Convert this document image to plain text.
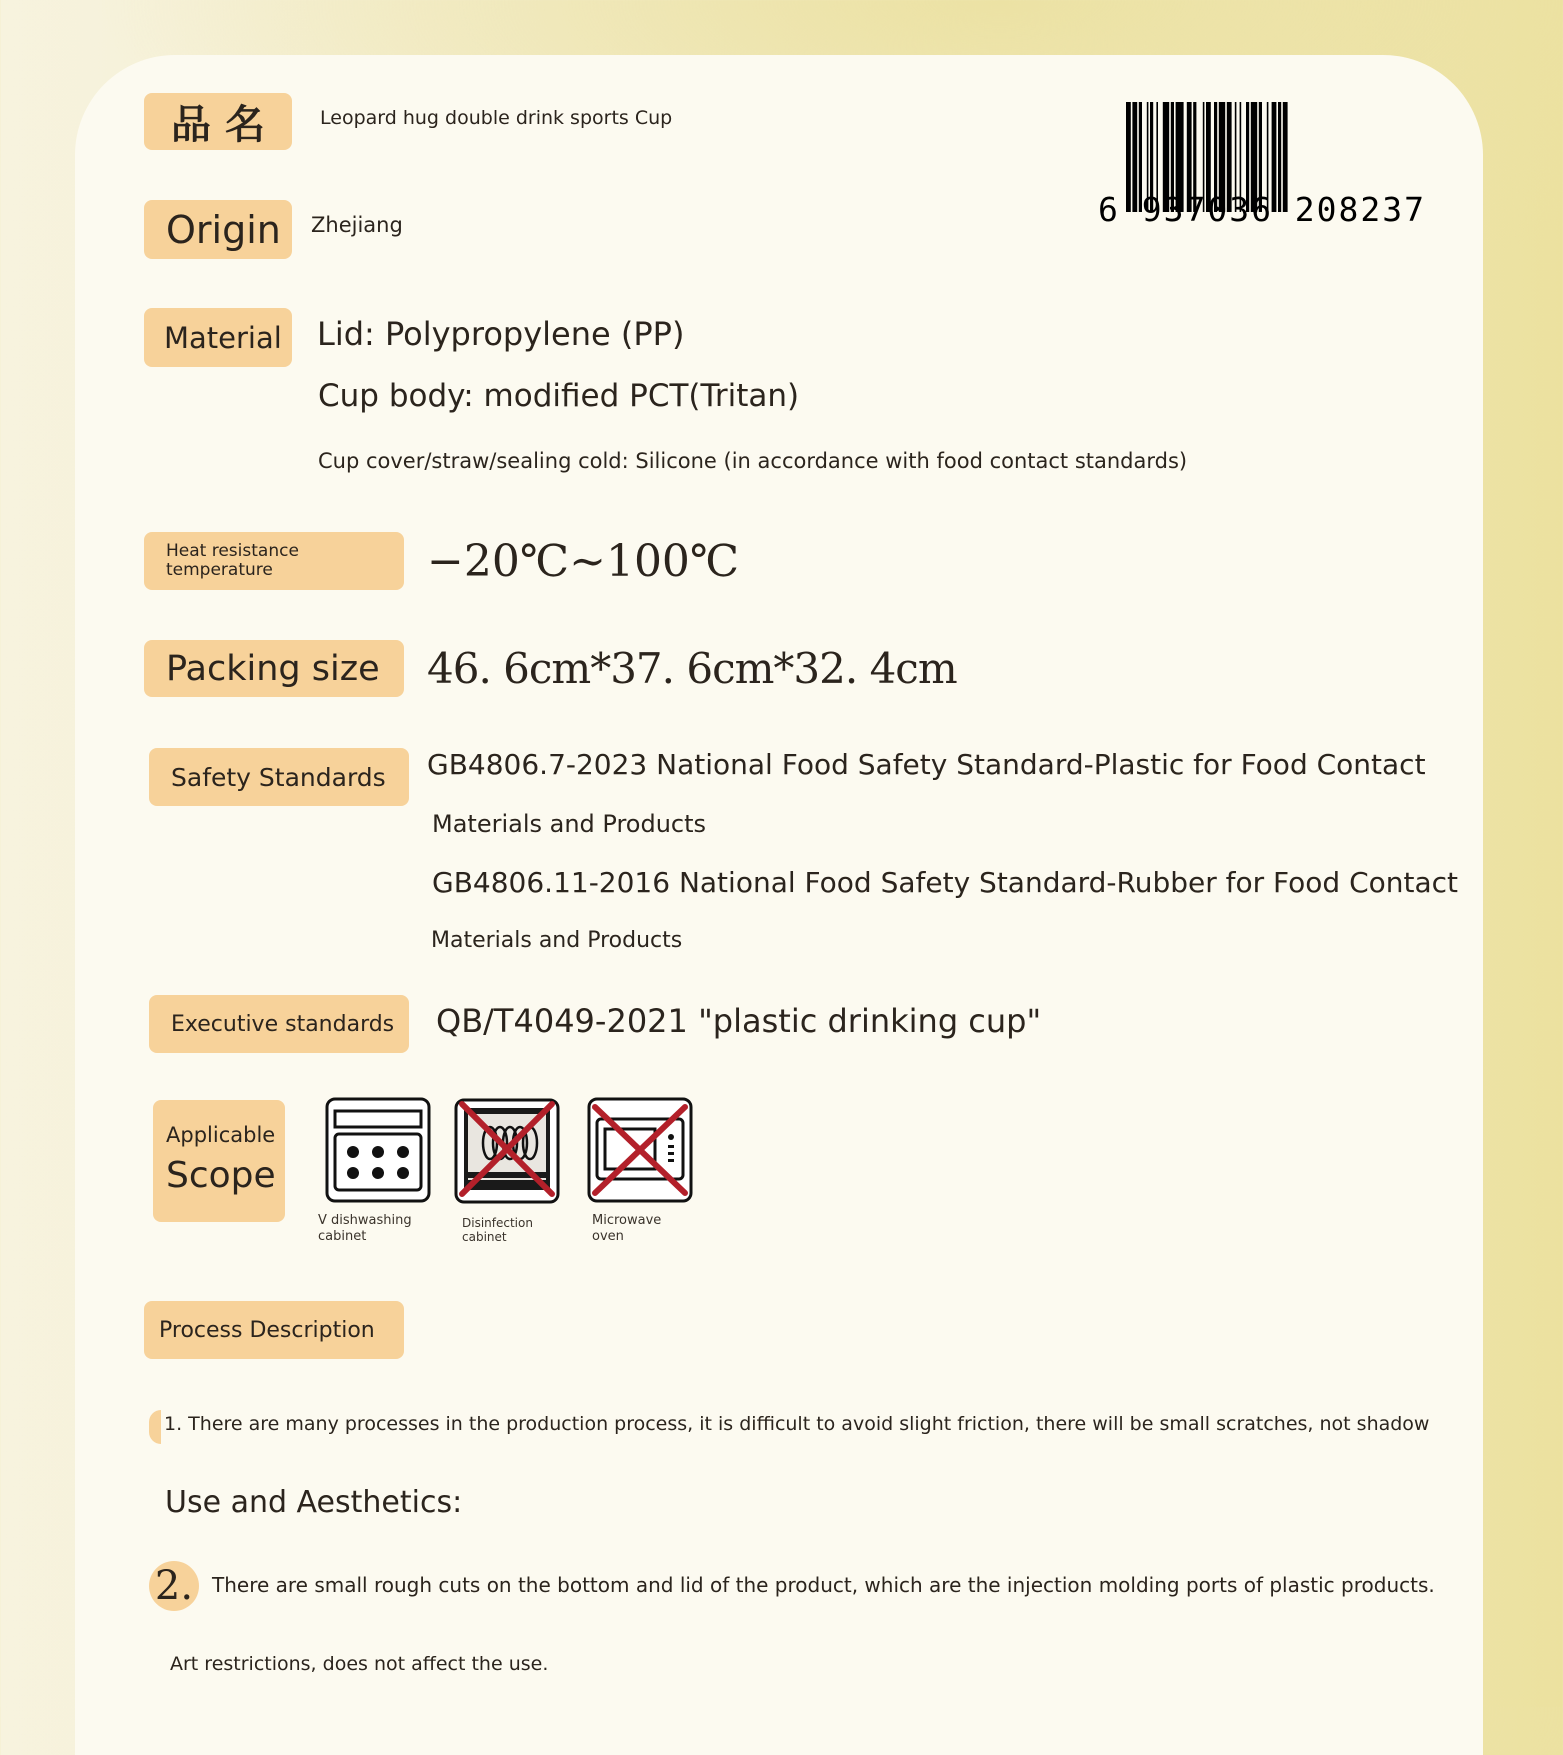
品 名	Leopard hug double drink sports Cup
6 937036 208237
Origin	Zhejiang
Material	Lid: Polypropylene (PP)
Cup body: modified PCT(Tritan)
Cup cover/straw/sealing cold: Silicone (in accordance with food contact standards)
Heat resistance
temperature	−20℃~100℃
Packing size	46. 6cm*37. 6cm*32. 4cm
Safety Standards	GB4806.7-2023 National Food Safety Standard-Plastic for Food Contact
Materials and Products
GB4806.11-2016 National Food Safety Standard-Rubber for Food Contact
Materials and Products
Executive standards	QB/T4049-2021 "plastic drinking cup"
Applicable
Scope
V dishwashing
cabinet
Disinfection
cabinet
Microwave
oven
Process Description
1. There are many processes in the production process, it is difficult to avoid slight friction, there will be small scratches, not shadow
Use and Aesthetics:
2. There are small rough cuts on the bottom and lid of the product, which are the injection molding ports of plastic products.
Art restrictions, does not affect the use.
